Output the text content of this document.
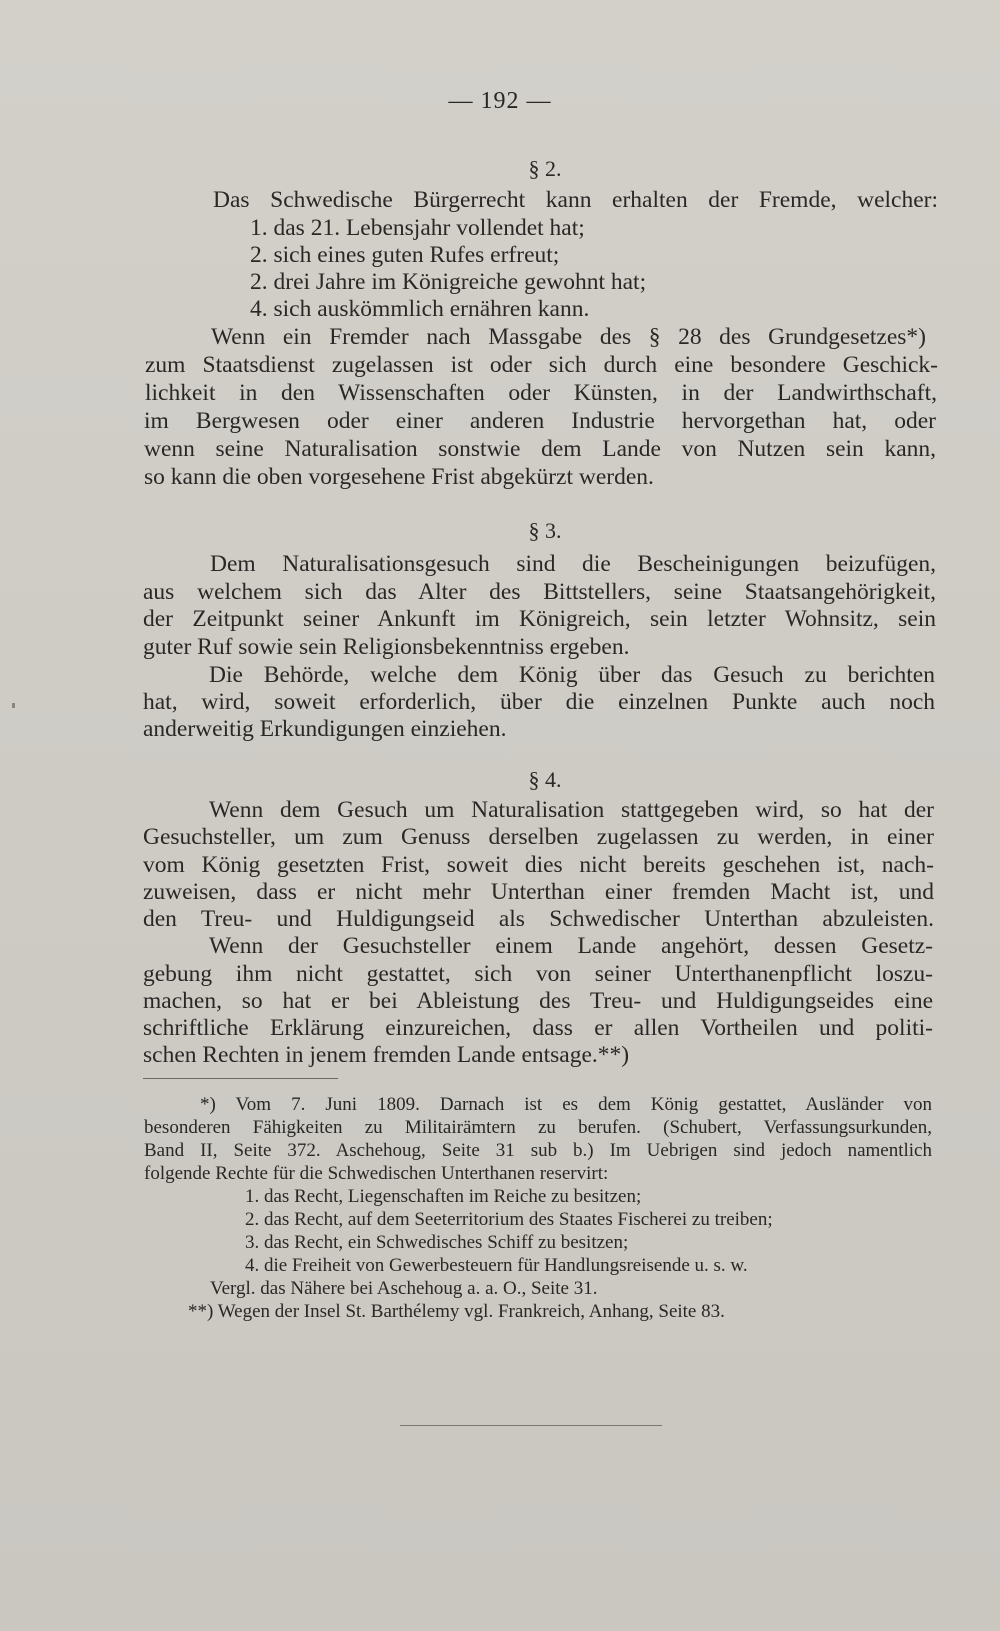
— 192 —
§ 2.
Das Schwedische Bürgerrecht kann erhalten der Fremde, welcher:
1. das 21. Lebensjahr vollendet hat;
2. sich eines guten Rufes erfreut;
2. drei Jahre im Königreiche gewohnt hat;
4. sich auskömmlich ernähren kann.
Wenn ein Fremder nach Massgabe des § 28 des Grundgesetzes*)
zum Staatsdienst zugelassen ist oder sich durch eine besondere Geschick-
lichkeit in den Wissenschaften oder Künsten, in der Landwirthschaft,
im Bergwesen oder einer anderen Industrie hervorgethan hat, oder
wenn seine Naturalisation sonstwie dem Lande von Nutzen sein kann,
so kann die oben vorgesehene Frist abgekürzt werden.
§ 3.
Dem Naturalisationsgesuch sind die Bescheinigungen beizufügen,
aus welchem sich das Alter des Bittstellers, seine Staatsangehörigkeit,
der Zeitpunkt seiner Ankunft im Königreich, sein letzter Wohnsitz, sein
guter Ruf sowie sein Religionsbekenntniss ergeben.
Die Behörde, welche dem König über das Gesuch zu berichten
hat, wird, soweit erforderlich, über die einzelnen Punkte auch noch
anderweitig Erkundigungen einziehen.
§ 4.
Wenn dem Gesuch um Naturalisation stattgegeben wird, so hat der
Gesuchsteller, um zum Genuss derselben zugelassen zu werden, in einer
vom König gesetzten Frist, soweit dies nicht bereits geschehen ist, nach-
zuweisen, dass er nicht mehr Unterthan einer fremden Macht ist, und
den Treu- und Huldigungseid als Schwedischer Unterthan abzuleisten.
Wenn der Gesuchsteller einem Lande angehört, dessen Gesetz-
gebung ihm nicht gestattet, sich von seiner Unterthanenpflicht loszu-
machen, so hat er bei Ableistung des Treu- und Huldigungseides eine
schriftliche Erklärung einzureichen, dass er allen Vortheilen und politi-
schen Rechten in jenem fremden Lande entsage.**)
*) Vom 7. Juni 1809. Darnach ist es dem König gestattet, Ausländer von
besonderen Fähigkeiten zu Militairämtern zu berufen. (Schubert, Verfassungsurkunden,
Band II, Seite 372. Aschehoug, Seite 31 sub b.) Im Uebrigen sind jedoch namentlich
folgende Rechte für die Schwedischen Unterthanen reservirt:
1. das Recht, Liegenschaften im Reiche zu besitzen;
2. das Recht, auf dem Seeterritorium des Staates Fischerei zu treiben;
3. das Recht, ein Schwedisches Schiff zu besitzen;
4. die Freiheit von Gewerbesteuern für Handlungsreisende u. s. w.
Vergl. das Nähere bei Aschehoug a. a. O., Seite 31.
**) Wegen der Insel St. Barthélemy vgl. Frankreich, Anhang, Seite 83.
